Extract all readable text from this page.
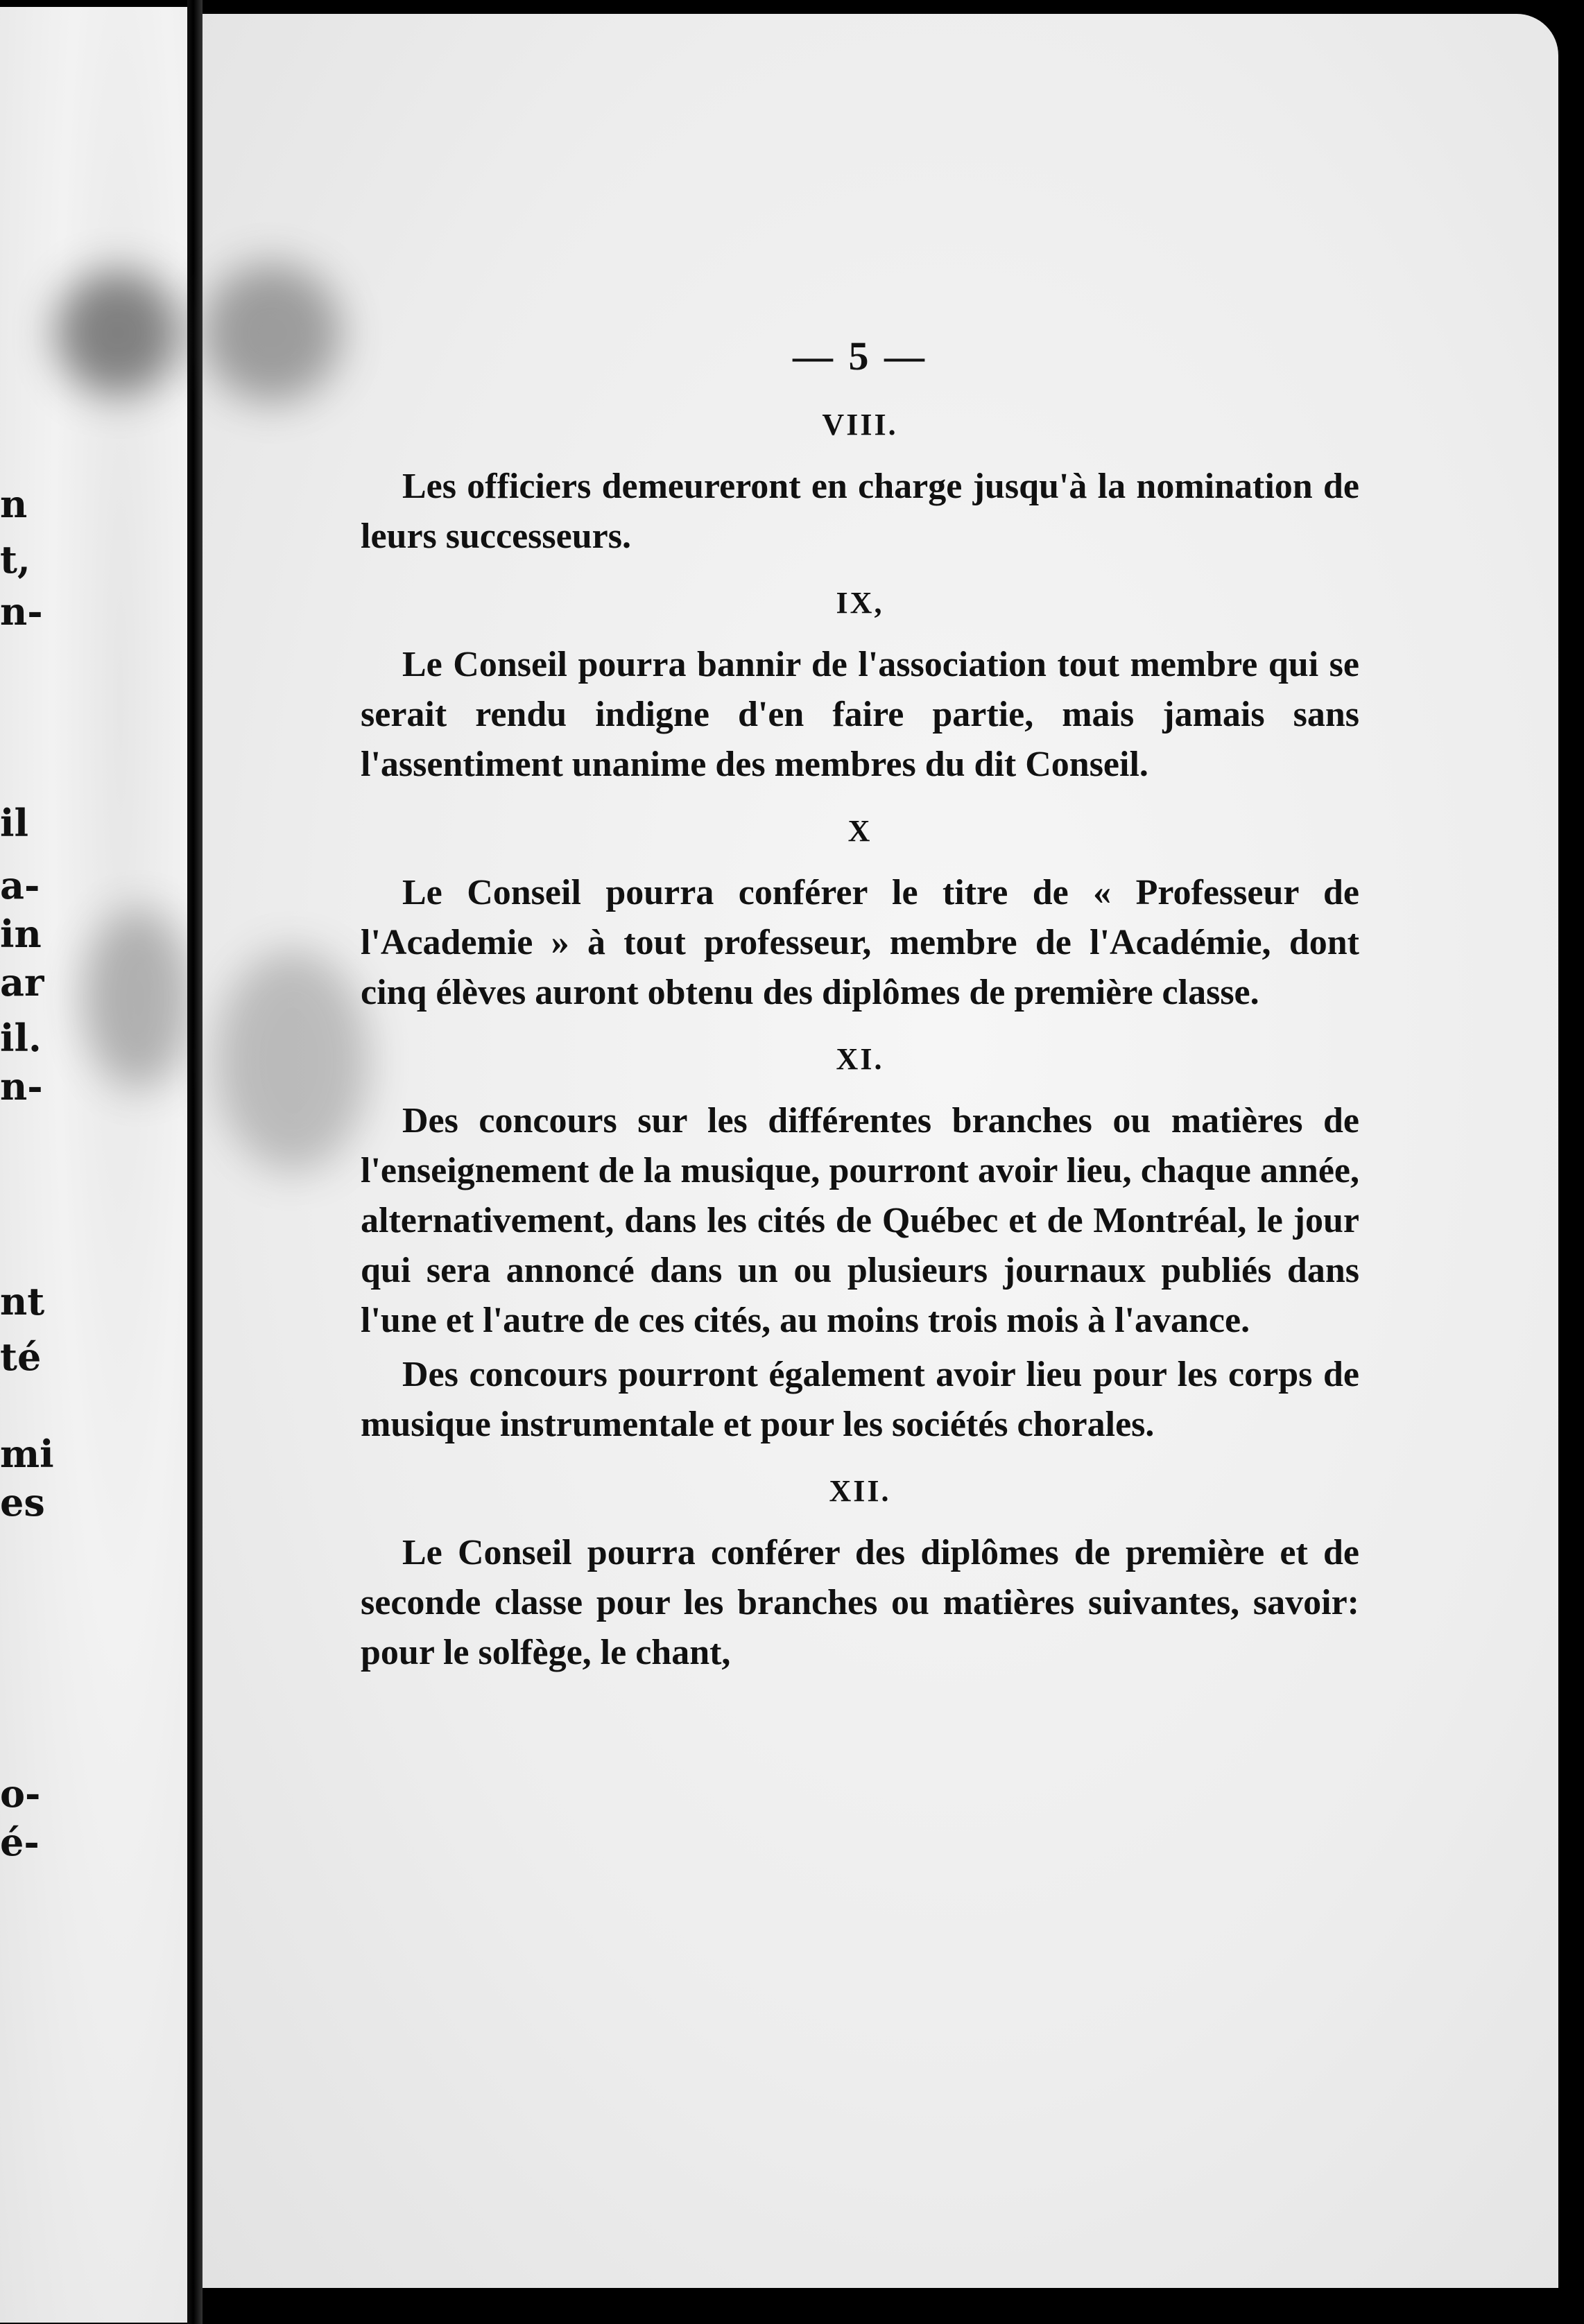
n
t,
n-
il
a-
in
ar
il.
n-
nt
té
mi
es
o-
é-
— 5 —
VIII.

Les officiers demeureront en charge jusqu'à la nomination de leurs successeurs.

IX,

Le Conseil pourra bannir de l'association tout membre qui se serait rendu indigne d'en faire partie, mais jamais sans l'assentiment unanime des membres du dit Conseil.

X

Le Conseil pourra conférer le titre de « Professeur de l'Academie » à tout professeur, membre de l'Académie, dont cinq élèves auront obtenu des diplômes de première classe.

XI.

Des concours sur les différentes branches ou matières de l'enseignement de la musique, pourront avoir lieu, chaque année, alternativement, dans les cités de Québec et de Montréal, le jour qui sera annoncé dans un ou plusieurs journaux publiés dans l'une et l'autre de ces cités, au moins trois mois à l'avance.

Des concours pourront également avoir lieu pour les corps de musique instrumentale et pour les sociétés chorales.

XII.

Le Conseil pourra conférer des diplômes de première et de seconde classe pour les branches ou matières suivantes, savoir: pour le solfège, le chant,
